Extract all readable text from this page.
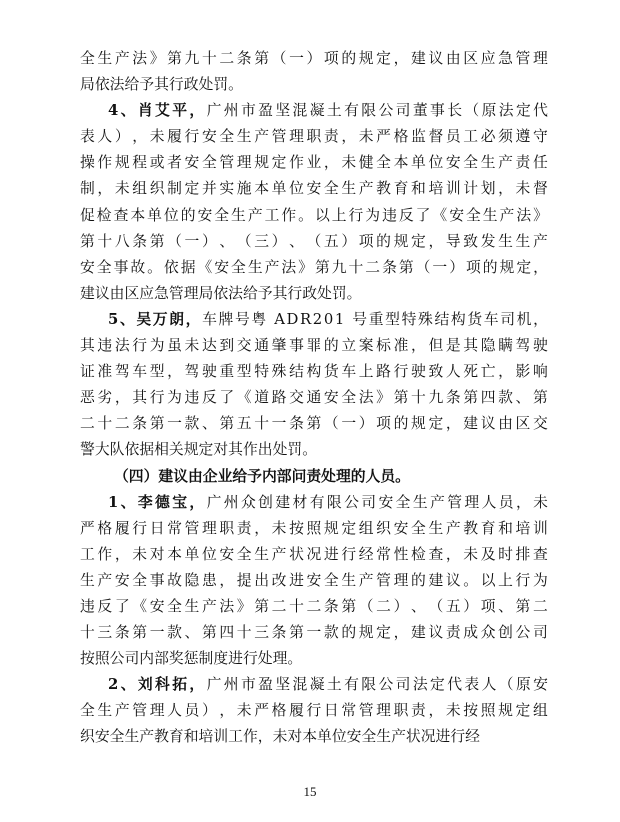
全 生 产 法 》 第 九 十 二 条 第 （ 一 ） 项 的 规 定 ， 建 议 由 区 应 急 管 理
局 依 法 给 予 其 行 政 处 罚 。
4 、 肖 艾 平 ， 广 州 市 盈 坚 混 凝 土 有 限 公 司 董 事 长 （ 原 法 定 代
表 人 ） ， 未 履 行 安 全 生 产 管 理 职 责 ， 未 严 格 监 督 员 工 必 须 遵 守
操 作 规 程 或 者 安 全 管 理 规 定 作 业 ， 未 健 全 本 单 位 安 全 生 产 责 任
制 ， 未 组 织 制 定 并 实 施 本 单 位 安 全 生 产 教 育 和 培 训 计 划 ， 未 督
促 检 查 本 单 位 的 安 全 生 产 工 作 。 以 上 行 为 违 反 了 《 安 全 生 产 法 》
第 十 八 条 第 （ 一 ） 、 （ 三 ） 、 （ 五 ） 项 的 规 定 ， 导 致 发 生 生 产
安 全 事 故 。 依 据 《 安 全 生 产 法 》 第 九 十 二 条 第 （ 一 ） 项 的 规 定 ，
建 议 由 区 应 急 管 理 局 依 法 给 予 其 行 政 处 罚 。
5 、 吴 万 朗 ， 车 牌 号 粤
A D R 2 0 1
号 重 型 特 殊 结 构 货 车 司 机 ，
其 违 法 行 为 虽 未 达 到 交 通 肇 事 罪 的 立 案 标 准 ， 但 是 其 隐 瞒 驾 驶
证 准 驾 车 型 ， 驾 驶 重 型 特 殊 结 构 货 车 上 路 行 驶 致 人 死 亡 ， 影 响
恶 劣 ， 其 行 为 违 反 了 《 道 路 交 通 安 全 法 》 第 十 九 条 第 四 款 、 第
二 十 二 条 第 一 款 、 第 五 十 一 条 第 （ 一 ） 项 的 规 定 ， 建 议 由 区 交
警 大 队 依 据 相 关 规 定 对 其 作 出 处 罚 。
（四）建议由企业给予内部问责处理的人员。
1 、 李 德 宝 ， 广 州 众 创 建 材 有 限 公 司 安 全 生 产 管 理 人 员 ， 未
严 格 履 行 日 常 管 理 职 责 ， 未 按 照 规 定 组 织 安 全 生 产 教 育 和 培 训
工 作 ， 未 对 本 单 位 安 全 生 产 状 况 进 行 经 常 性 检 查 ， 未 及 时 排 查
生 产 安 全 事 故 隐 患 ， 提 出 改 进 安 全 生 产 管 理 的 建 议 。 以 上 行 为
违 反 了 《 安 全 生 产 法 》 第 二 十 二 条 第 （ 二 ） 、 （ 五 ） 项 、 第 二
十 三 条 第 一 款 、 第 四 十 三 条 第 一 款 的 规 定 ， 建 议 责 成 众 创 公 司
按 照 公 司 内 部 奖 惩 制 度 进 行 处 理 。
2 、 刘 科 拓 ， 广 州 市 盈 坚 混 凝 土 有 限 公 司 法 定 代 表 人 （ 原 安
全 生 产 管 理 人 员 ） ， 未 严 格 履 行 日 常 管 理 职 责 ， 未 按 照 规 定 组
织 安 全 生 产 教 育 和 培 训 工 作 ， 未 对 本 单 位 安 全 生 产 状 况 进 行 经
15
